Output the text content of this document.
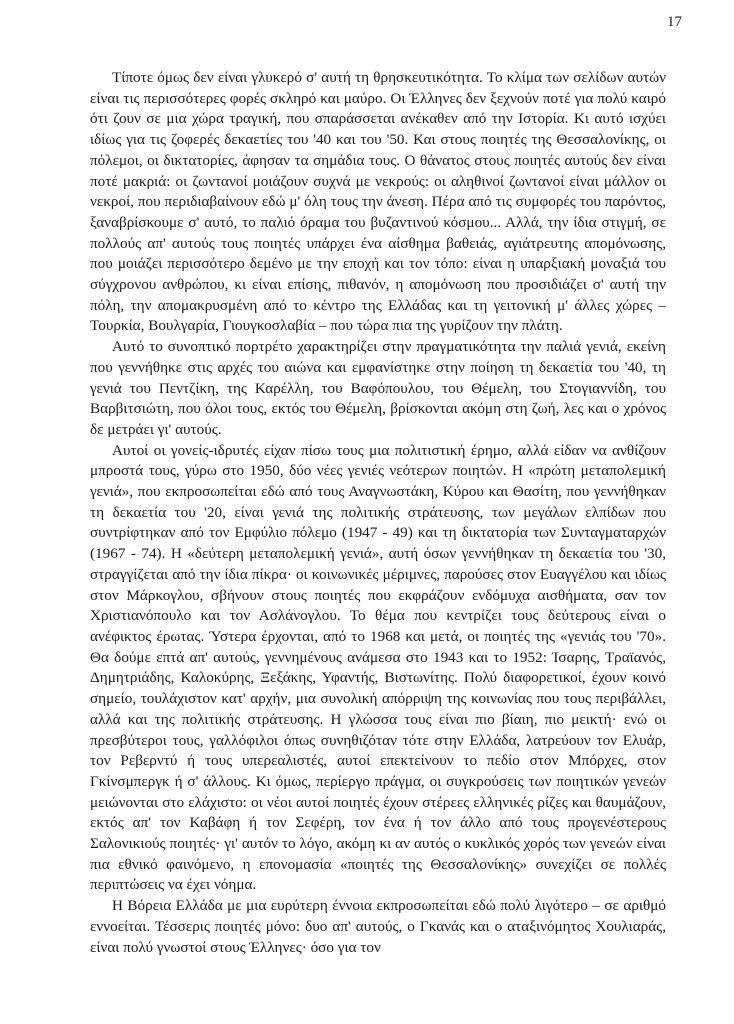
17

Τίποτε όμως δεν είναι γλυκερό σ' αυτή τη θρησκευτικότητα. Το κλίμα των σελίδων αυτών είναι τις περισσότερες φορές σκληρό και μαύρο. Οι Έλληνες δεν ξεχνούν ποτέ για πολύ καιρό ότι ζουν σε μια χώρα τραγική, που σπαράσσεται ανέκαθεν από την Ιστορία. Κι αυτό ισχύει ιδίως για τις ζοφερές δεκαετίες του '40 και του '50. Και στους ποιητές της Θεσσαλονίκης, οι πόλεμοι, οι δικτατορίες, άφησαν τα σημάδια τους. Ο θάνατος στους ποιητές αυτούς δεν είναι ποτέ μακριά: οι ζωντανοί μοιάζουν συχνά με νεκρούς: οι αληθινοί ζωντανοί είναι μάλλον οι νεκροί, που περιδιαβαίνουν εδώ μ' όλη τους την άνεση. Πέρα από τις συμφορές του παρόντος, ξαναβρίσκουμε σ' αυτό, το παλιό όραμα του βυζαντινού κόσμου... Αλλά, την ίδια στιγμή, σε πολλούς απ' αυτούς τους ποιητές υπάρχει ένα αίσθημα βαθειάς, αγιάτρευτης απομόνωσης, που μοιάζει περισσότερο δεμένο με την εποχή και τον τόπο: είναι η υπαρξιακή μοναξιά του σύγχρονου ανθρώπου, κι είναι επίσης, πιθανόν, η απομόνωση που προσιδιάζει σ' αυτή την πόλη, την απομακρυσμένη από το κέντρο της Ελλάδας και τη γειτονική μ' άλλες χώρες – Τουρκία, Βουλγαρία, Γιουγκοσλαβία – που τώρα πια της γυρίζουν την πλάτη.

Αυτό το συνοπτικό πορτρέτο χαρακτηρίζει στην πραγματικότητα την παλιά γενιά, εκείνη που γεννήθηκε στις αρχές του αιώνα και εμφανίστηκε στην ποίηση τη δεκαετία του '40, τη γενιά του Πεντζίκη, της Καρέλλη, του Βαφόπουλου, του Θέμελη, του Στογιαννίδη, του Βαρβιτσιώτη, που όλοι τους, εκτός του Θέμελη, βρίσκονται ακόμη στη ζωή, λες και ο χρόνος δε μετράει γι' αυτούς.

Αυτοί οι γονείς-ιδρυτές είχαν πίσω τους μια πολιτιστική έρημο, αλλά είδαν να ανθίζουν μπροστά τους, γύρω στο 1950, δύο νέες γενιές νεότερων ποιητών. Η «πρώτη μεταπολεμική γενιά», που εκπροσωπείται εδώ από τους Αναγνωστάκη, Κύρου και Θασίτη, που γεννήθηκαν τη δεκαετία του '20, είναι γενιά της πολιτικής στράτευσης, των μεγάλων ελπίδων που συντρίφτηκαν από τον Εμφύλιο πόλεμο (1947 - 49) και τη δικτατορία των Συνταγματαρχών (1967 - 74). Η «δεύτερη μεταπολεμική γενιά», αυτή όσων γεννήθηκαν τη δεκαετία του '30, στραγγίζεται από την ίδια πίκρα· οι κοινωνικές μέριμνες, παρούσες στον Ευαγγέλου και ιδίως στον Μάρκογλου, σβήνουν στους ποιητές που εκφράζουν ενδόμυχα αισθήματα, σαν τον Χριστιανόπουλο και τον Ασλάνογλου. Το θέμα που κεντρίζει τους δεύτερους είναι ο ανέφικτος έρωτας. Ύστερα έρχονται, από το 1968 και μετά, οι ποιητές της «γενιάς του '70». Θα δούμε επτά απ' αυτούς, γεννημένους ανάμεσα στο 1943 και το 1952: Ίσαρης, Τραϊανός, Δημητριάδης, Καλοκύρης, Ξεξάκης, Υφαντής, Βιστωνίτης. Πολύ διαφορετικοί, έχουν κοινό σημείο, τουλάχιστον κατ' αρχήν, μια συνολική απόρριψη της κοινωνίας που τους περιβάλλει, αλλά και της πολιτικής στράτευσης. Η γλώσσα τους είναι πιο βίαιη, πιο μεικτή· ενώ οι πρεσβύτεροι τους, γαλλόφιλοι όπως συνηθιζόταν τότε στην Ελλάδα, λατρεύουν τον Ελυάρ, τον Ρεβερντύ ή τους υπερεαλιστές, αυτοί επεκτείνουν το πεδίο στον Μπόρχες, στον Γκίνσμπεργκ ή σ' άλλους. Κι όμως, περίεργο πράγμα, οι συγκρούσεις των ποιητικών γενεών μειώνονται στο ελάχιστο: οι νέοι αυτοί ποιητές έχουν στέρεες ελληνικές ρίζες και θαυμάζουν, εκτός απ' τον Καβάφη ή τον Σεφέρη, τον ένα ή τον άλλο από τους προγενέστερους Σαλονικιούς ποιητές· γι' αυτόν το λόγο, ακόμη κι αν αυτός ο κυκλικός χορός των γενεών είναι πια εθνικό φαινόμενο, η επονομασία «ποιητές της Θεσσαλονίκης» συνεχίζει σε πολλές περιπτώσεις να έχει νόημα.

Η Βόρεια Ελλάδα με μια ευρύτερη έννοια εκπροσωπείται εδώ πολύ λιγότερο – σε αριθμό εννοείται. Τέσσερις ποιητές μόνο: δυο απ' αυτούς, ο Γκανάς και ο αταξινόμητος Χουλιαράς, είναι πολύ γνωστοί στους Έλληνες· όσο για τον
